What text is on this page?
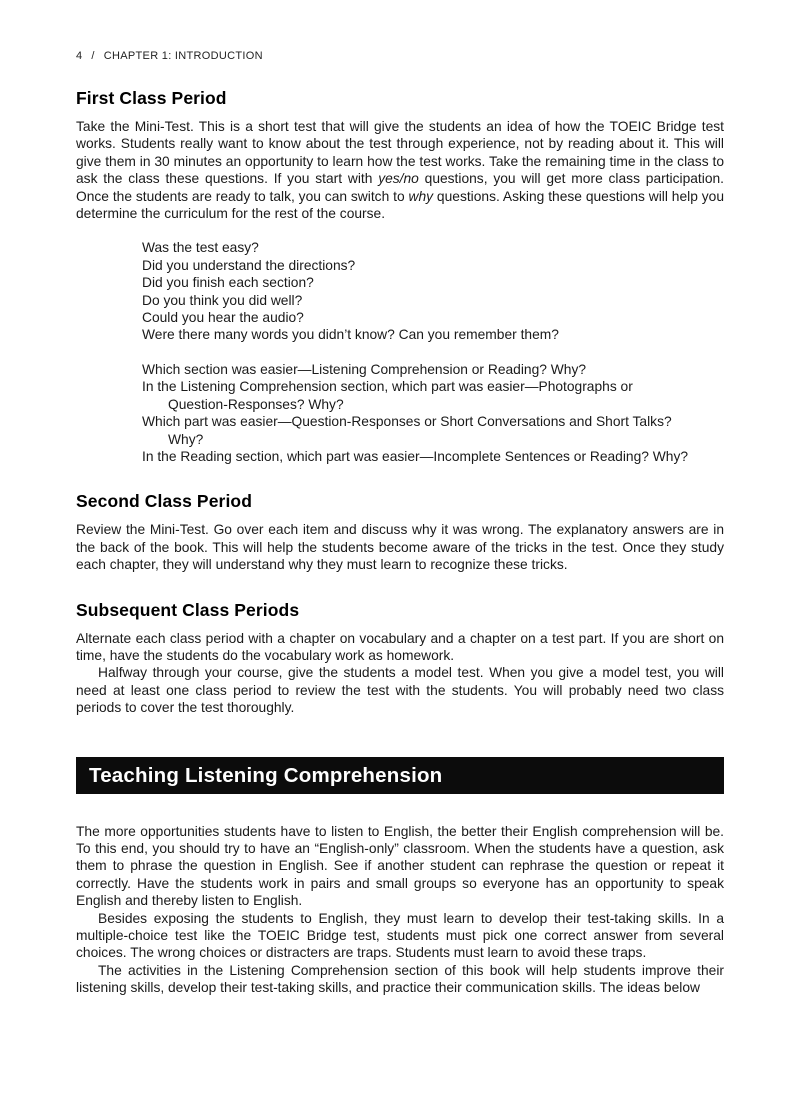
4 / CHAPTER 1: INTRODUCTION
First Class Period

Take the Mini-Test. This is a short test that will give the students an idea of how the TOEIC Bridge test works. Students really want to know about the test through experience, not by reading about it. This will give them in 30 minutes an opportunity to learn how the test works. Take the remaining time in the class to ask the class these questions. If you start with yes/no questions, you will get more class participation. Once the students are ready to talk, you can switch to why questions. Asking these questions will help you determine the curriculum for the rest of the course.

Was the test easy?
Did you understand the directions?
Did you finish each section?
Do you think you did well?
Could you hear the audio?
Were there many words you didn’t know? Can you remember them?
Which section was easier—Listening Comprehension or Reading? Why?
In the Listening Comprehension section, which part was easier—Photographs or
Question-Responses? Why?
Which part was easier—Question-Responses or Short Conversations and Short Talks?
Why?
In the Reading section, which part was easier—Incomplete Sentences or Reading? Why?
Second Class Period

Review the Mini-Test. Go over each item and discuss why it was wrong. The explanatory answers are in the back of the book. This will help the students become aware of the tricks in the test. Once they study each chapter, they will understand why they must learn to recognize these tricks.

Subsequent Class Periods

Alternate each class period with a chapter on vocabulary and a chapter on a test part. If you are short on time, have the students do the vocabulary work as homework.

Halfway through your course, give the students a model test. When you give a model test, you will need at least one class period to review the test with the students. You will probably need two class periods to cover the test thoroughly.

Teaching Listening Comprehension

The more opportunities students have to listen to English, the better their English comprehension will be. To this end, you should try to have an “English-only” classroom. When the students have a question, ask them to phrase the question in English. See if another student can rephrase the question or repeat it correctly. Have the students work in pairs and small groups so everyone has an opportunity to speak English and thereby listen to English.

Besides exposing the students to English, they must learn to develop their test-taking skills. In a multiple-choice test like the TOEIC Bridge test, students must pick one correct answer from several choices. The wrong choices or distracters are traps. Students must learn to avoid these traps.

The activities in the Listening Comprehension section of this book will help students improve their listening skills, develop their test-taking skills, and practice their communication skills. The ideas below
